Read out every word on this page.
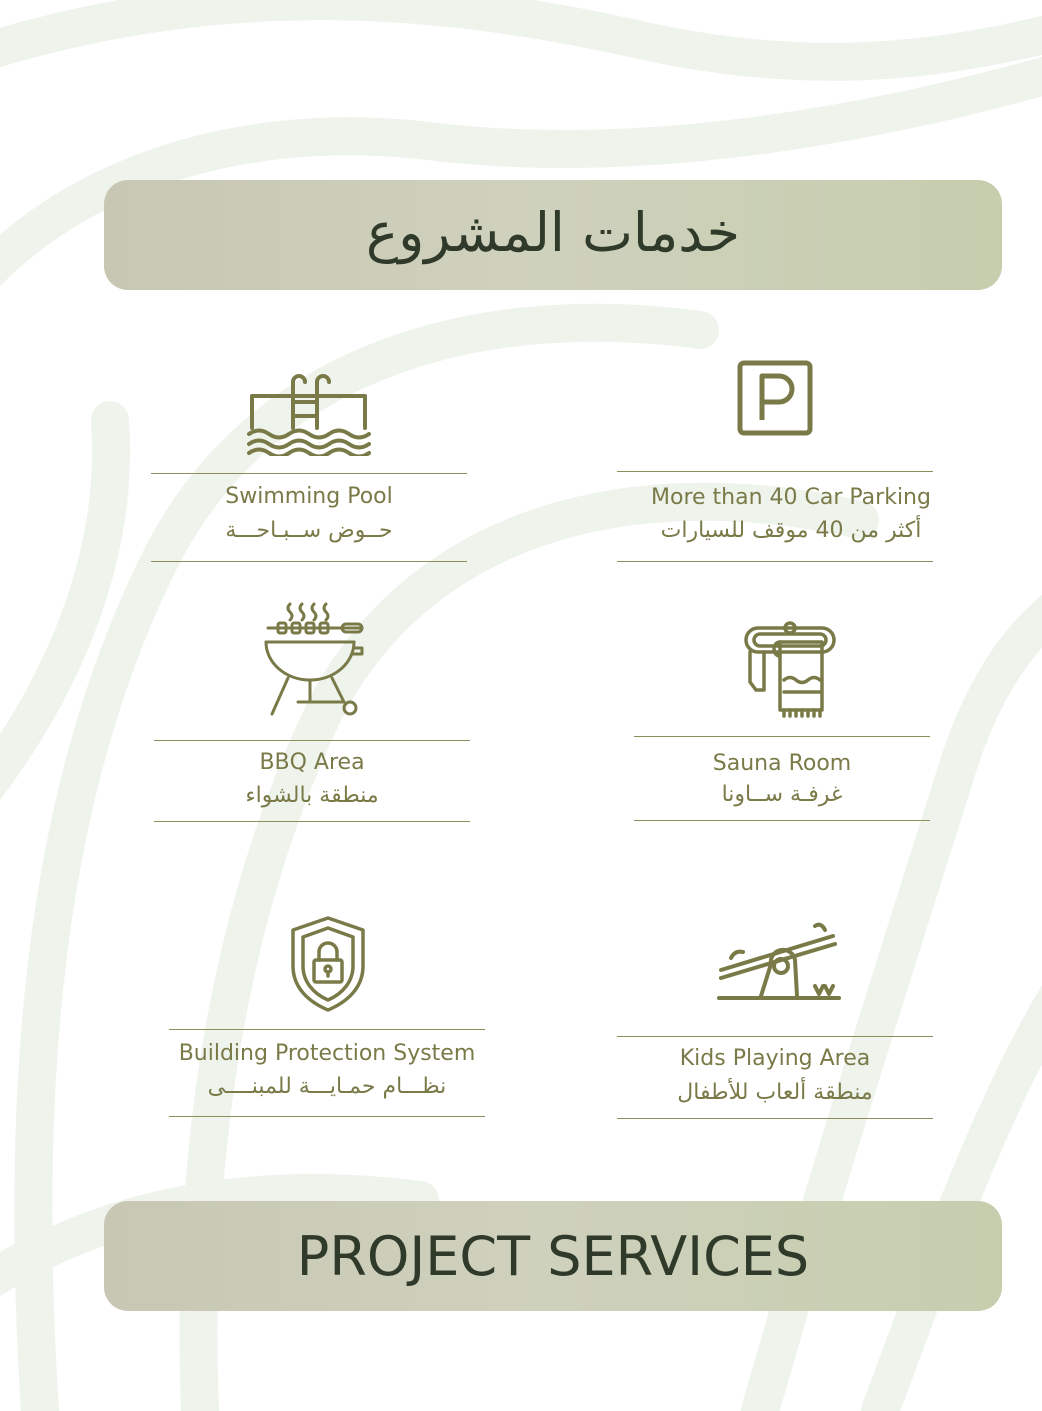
خدمات المشروع
More than 40 Car Parking
أكثر من 40 موقف للسيارات
Swimming Pool
حــوض ســبـاحـــة
Sauna Room
غرفـة ســاونا
BBQ Area
منطقة بالشواء
Kids Playing Area
منطقة ألعاب للأطفال
Building Protection System
نظـــام حمـايـــة للمبنــــى
PROJECT SERVICES
